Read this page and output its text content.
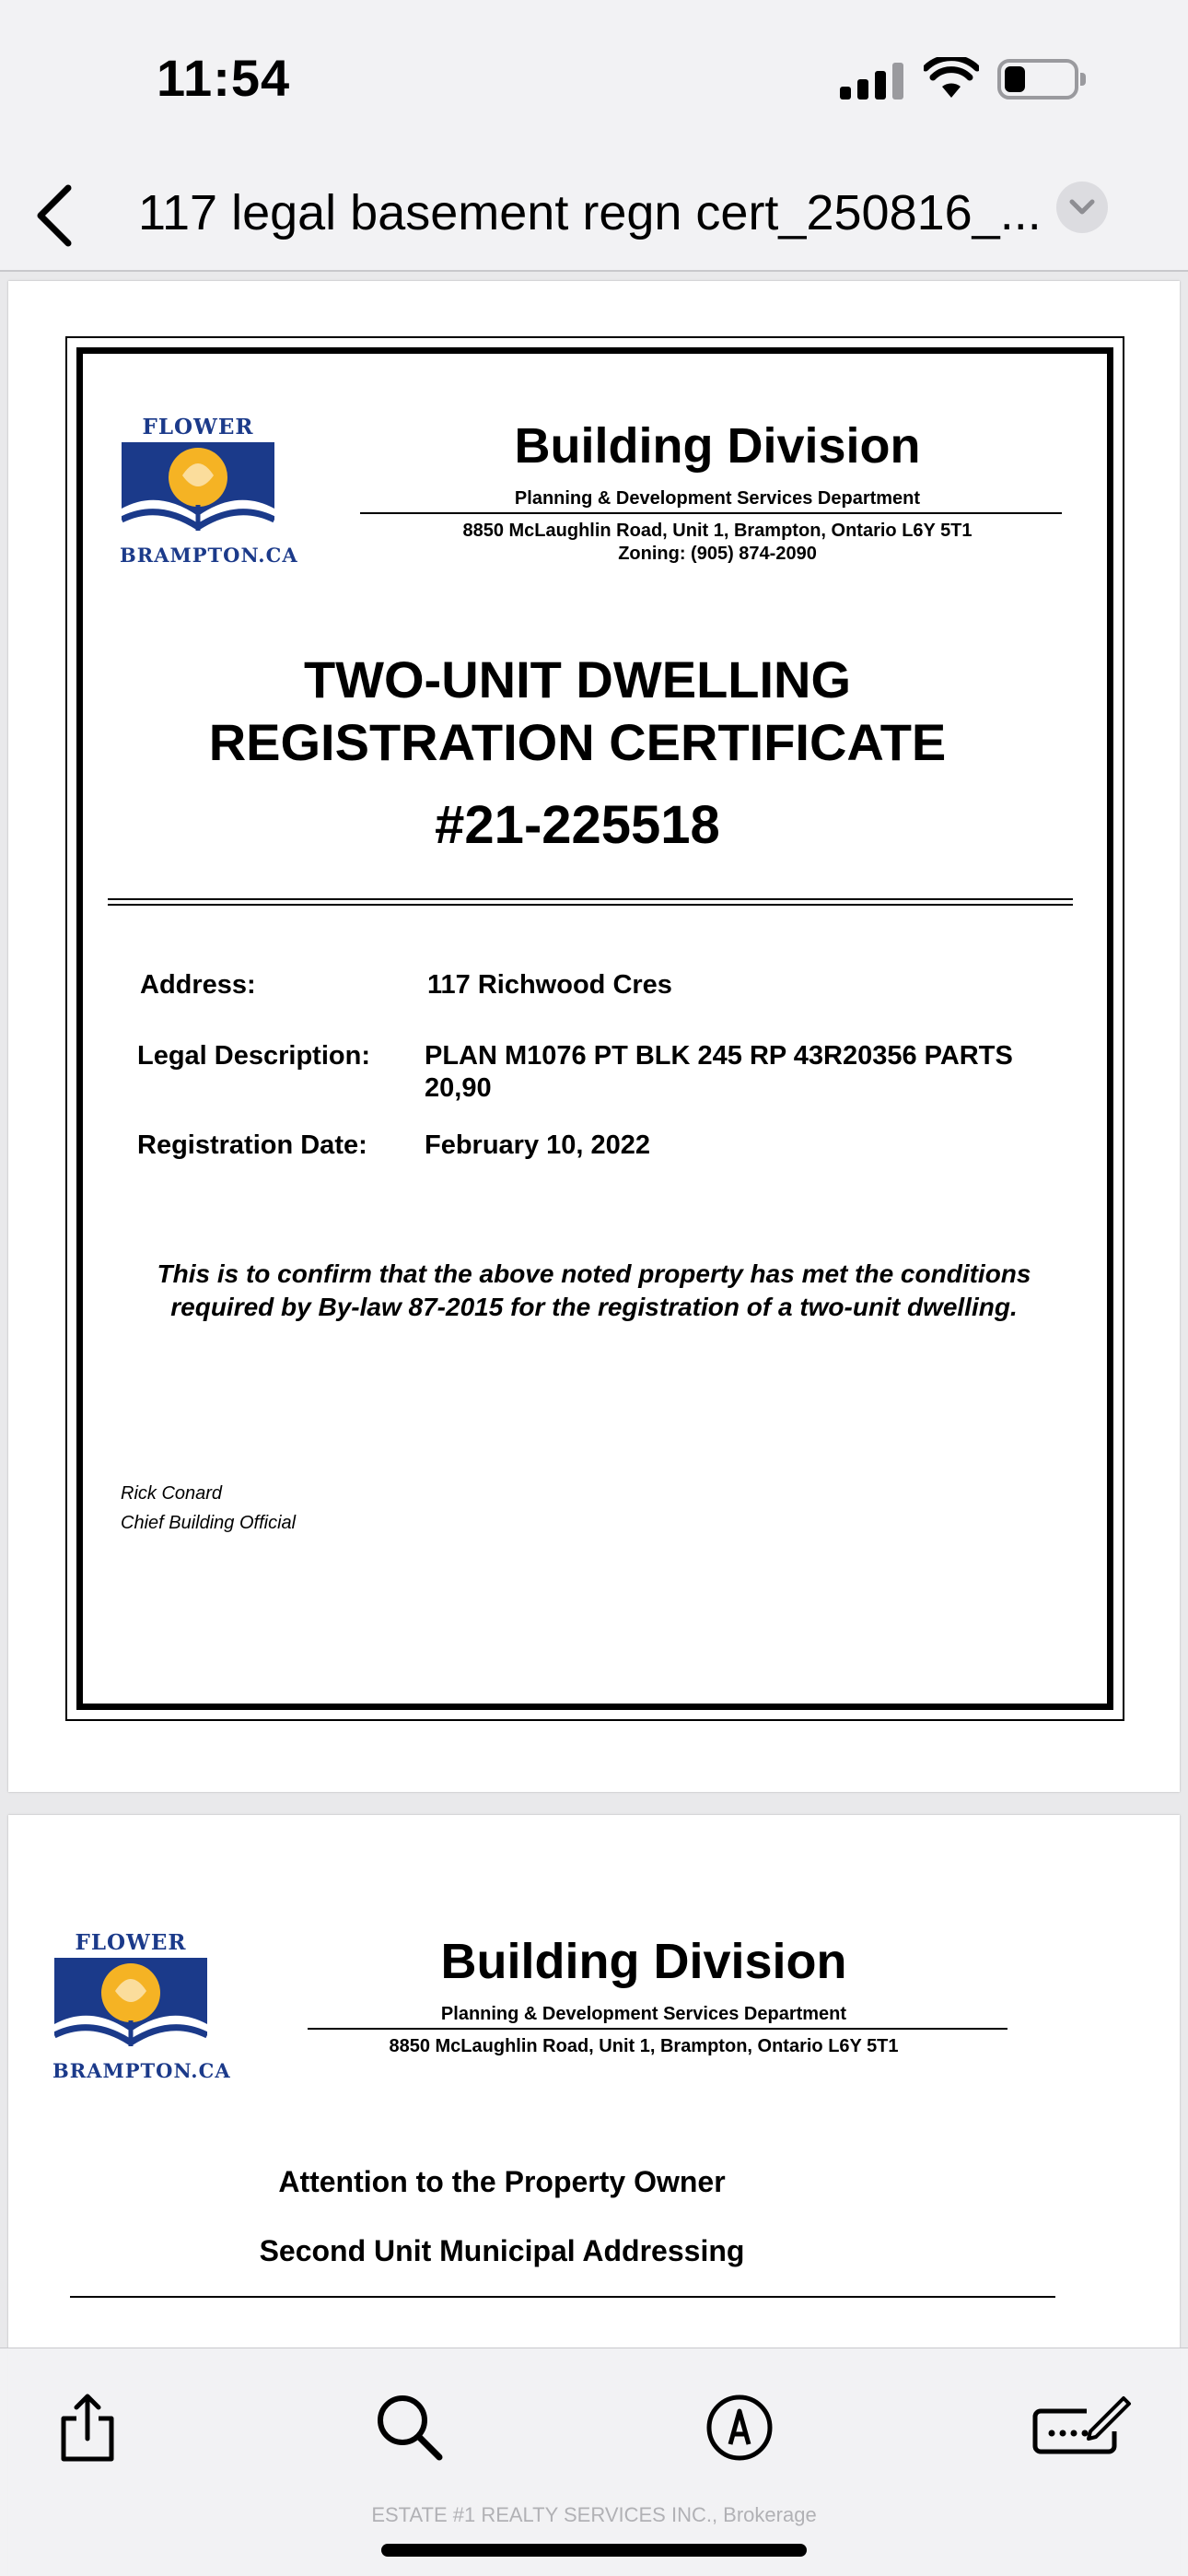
11:54
117 legal basement regn cert_250816_...
FLOWER
BRAMPTON.CA
Building Division
Planning & Development Services Department
8850 McLaughlin Road, Unit 1, Brampton, Ontario L6Y 5T1
Zoning: (905) 874-2090
TWO-UNIT DWELLING
REGISTRATION CERTIFICATE
#21-225518
Address:	117 Richwood Cres
Legal Description: PLAN M1076 PT BLK 245 RP 43R20356 PARTS
20,90
Registration Date: February 10, 2022
This is to confirm that the above noted property has met the conditions
required by By-law 87-2015 for the registration of a two-unit dwelling.
Rick Conard
Chief Building Official
FLOWER
BRAMPTON.CA
Building Division
Planning & Development Services Department
8850 McLaughlin Road, Unit 1, Brampton, Ontario L6Y 5T1
Attention to the Property Owner
Second Unit Municipal Addressing
ESTATE #1 REALTY SERVICES INC., Brokerage
